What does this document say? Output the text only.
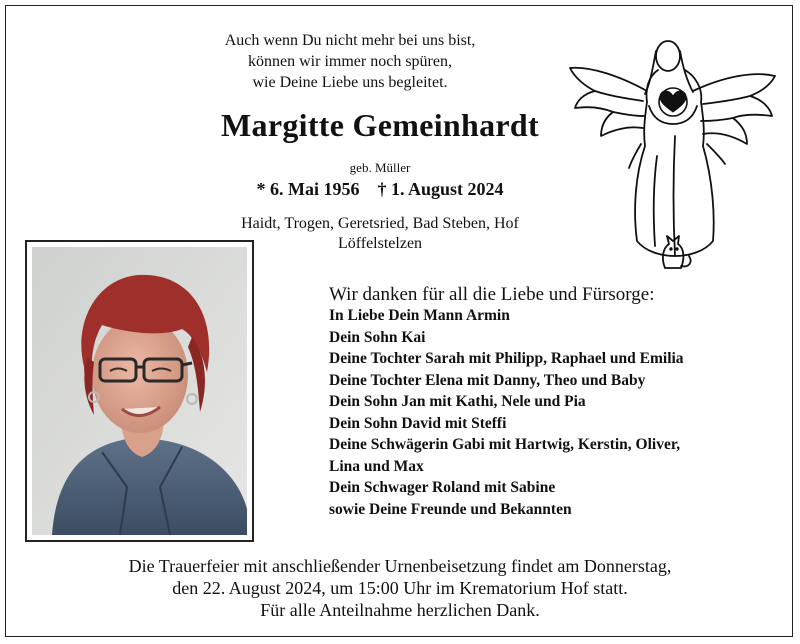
Auch wenn Du nicht mehr bei uns bist,
können wir immer noch spüren,
wie Deine Liebe uns begleitet.
Margitte Gemeinhardt
geb. Müller
* 6. Mai 1956 † 1. August 2024
Haidt, Trogen, Geretsried, Bad Steben, Hof
Löffelstelzen
Wir danken für all die Liebe und Fürsorge:
In Liebe Dein Mann Armin
Dein Sohn Kai
Deine Tochter Sarah mit Philipp, Raphael und Emilia
Deine Tochter Elena mit Danny, Theo und Baby
Dein Sohn Jan mit Kathi, Nele und Pia
Dein Sohn David mit Steffi
Deine Schwägerin Gabi mit Hartwig, Kerstin, Oliver,
Lina und Max
Dein Schwager Roland mit Sabine
sowie Deine Freunde und Bekannten
Die Trauerfeier mit anschließender Urnenbeisetzung findet am Donnerstag,
den 22. August 2024, um 15:00 Uhr im Krematorium Hof statt.
Für alle Anteilnahme herzlichen Dank.
